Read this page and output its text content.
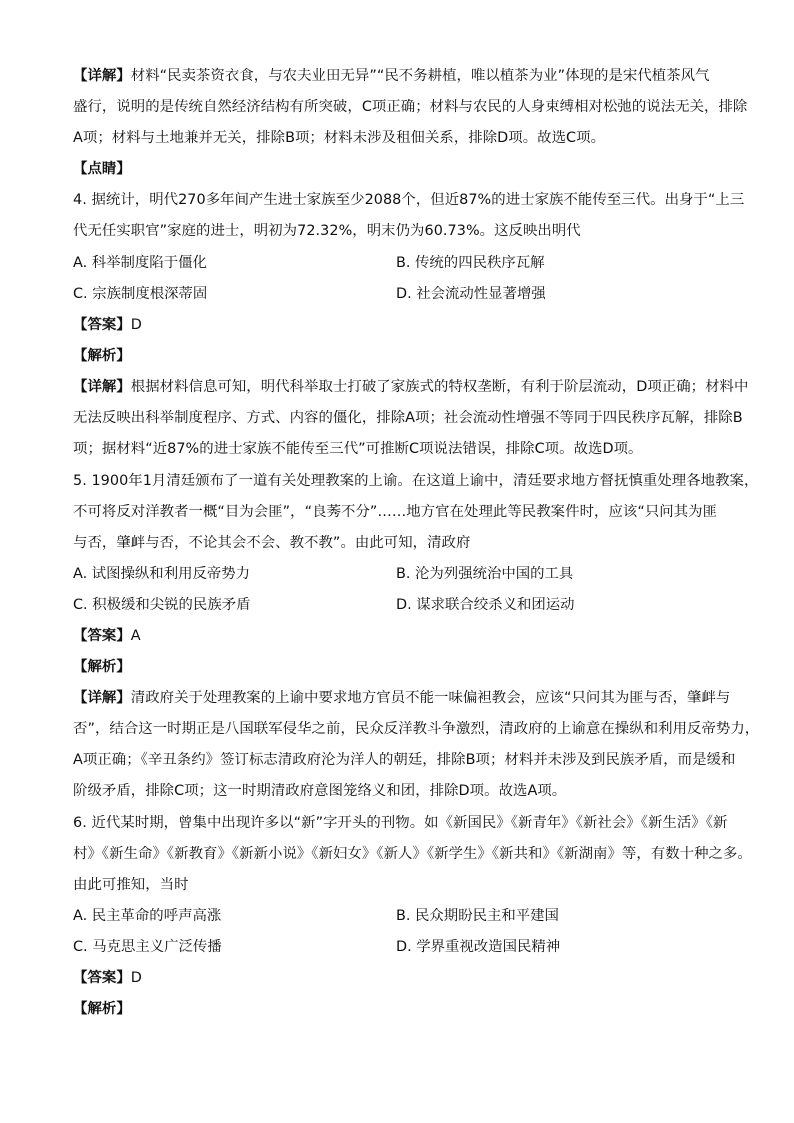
【详解】材料“民卖茶资衣食，与农夫业田无异”“民不务耕植，唯以植茶为业”体现的是宋代植茶风气
盛行，说明的是传统自然经济结构有所突破，C项正确；材料与农民的人身束缚相对松弛的说法无关，排除
A项；材料与土地兼并无关，排除B项；材料未涉及租佃关系，排除D项。故选C项。
【点睛】
4. 据统计，明代270多年间产生进士家族至少2088个，但近87%的进士家族不能传至三代。出身于“上三
代无任实职官”家庭的进士，明初为72.32%，明末仍为60.73%。这反映出明代
A. 科举制度陷于僵化	B. 传统的四民秩序瓦解
C. 宗族制度根深蒂固	D. 社会流动性显著增强
【答案】D
【解析】
【详解】根据材料信息可知，明代科举取士打破了家族式的特权垄断，有利于阶层流动，D项正确；材料中
无法反映出科举制度程序、方式、内容的僵化，排除A项；社会流动性增强不等同于四民秩序瓦解，排除B
项；据材料“近87%的进士家族不能传至三代”可推断C项说法错误，排除C项。故选D项。
5. 1900年1月清廷颁布了一道有关处理教案的上谕。在这道上谕中，清廷要求地方督抚慎重处理各地教案，
不可将反对洋教者一概“目为会匪”，“良莠不分”……地方官在处理此等民教案件时，应该“只问其为匪
与否，肇衅与否，不论其会不会、教不教”。由此可知，清政府
A. 试图操纵和利用反帝势力	B. 沦为列强统治中国的工具
C. 积极缓和尖锐的民族矛盾	D. 谋求联合绞杀义和团运动
【答案】A
【解析】
【详解】清政府关于处理教案的上谕中要求地方官员不能一味偏袒教会，应该“只问其为匪与否，肇衅与
否”，结合这一时期正是八国联军侵华之前，民众反洋教斗争激烈，清政府的上谕意在操纵和利用反帝势力，
A项正确；《辛丑条约》签订标志清政府沦为洋人的朝廷，排除B项；材料并未涉及到民族矛盾，而是缓和
阶级矛盾，排除C项；这一时期清政府意图笼络义和团，排除D项。故选A项。
6. 近代某时期，曾集中出现许多以“新”字开头的刊物。如《新国民》《新青年》《新社会》《新生活》《新
村》《新生命》《新教育》《新新小说》《新妇女》《新人》《新学生》《新共和》《新湖南》等，有数十种之多。
由此可推知，当时
A. 民主革命的呼声高涨	B. 民众期盼民主和平建国
C. 马克思主义广泛传播	D. 学界重视改造国民精神
【答案】D
【解析】
